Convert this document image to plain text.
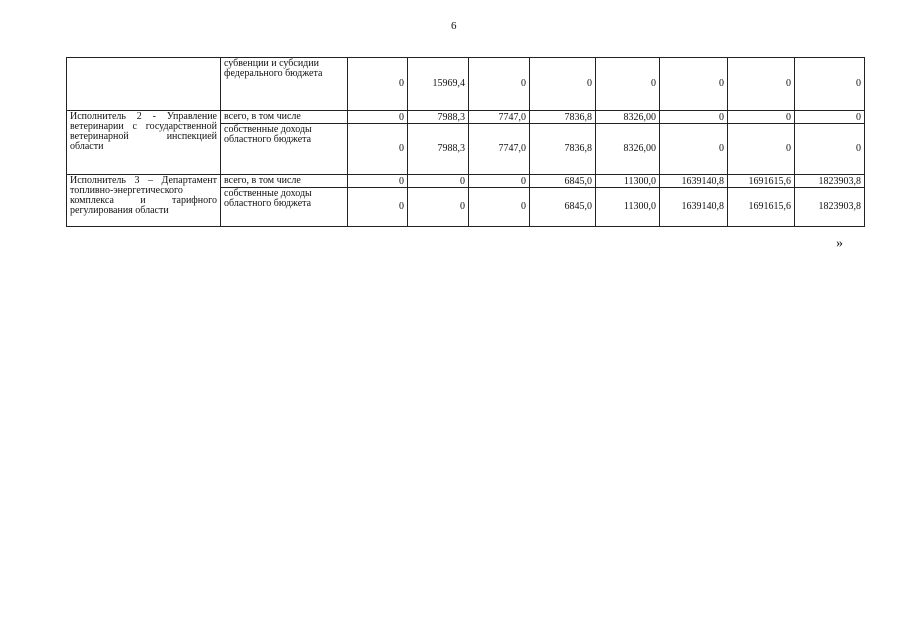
6
	субвенции и субсидии федерального бюджета	0	15969,4	0	0	0	0	0	0
Исполнитель 2 - Управление ветеринарии с государственной ветеринарной инспекцией области	всего, в том числе	0	7988,3	7747,0	7836,8	8326,00	0	0	0
	собственные доходы областного бюджета	0	7988,3	7747,0	7836,8	8326,00	0	0	0
Исполнитель 3 – Департамент топливно-энергетического комплекса и тарифного регулирования области	всего, в том числе	0	0	0	6845,0	11300,0	1639140,8	1691615,6	1823903,8
	собственные доходы областного бюджета	0	0	0	6845,0	11300,0	1639140,8	1691615,6	1823903,8
»
